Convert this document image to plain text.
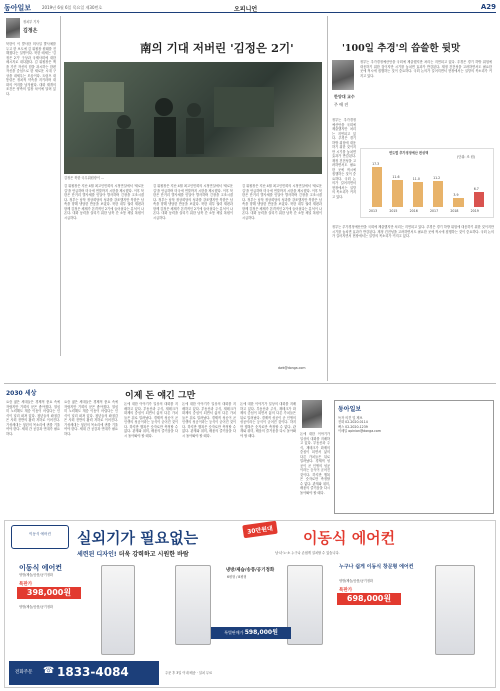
동아일보	2019년 6월 6일 목요일 제30번호	오피니언	A29
정치부 기자
김정은
북한이 이 발사한 미사일 발사체를 두고 한 보도에 김 위원장 원래를 전해졌다는 설명이다. 북한 매체는 '김정은 2기' 구상과 국제사회에 대한 메시지로 내다봤다. 김 위원장은 핵을 가진 자신의 힘을 과시하는 한편 자신을 중심으로 한 새로운 시대 구상을 내세우는 모습이다. 트럼프 대통령은 정치적 약속을 지키라며 대화의 여지를 남겨뒀다. 대화 재개의 조건은 양측의 입장 차이에 달려 있다.
南의 기대 저버린 '김정은 2기'
김정은 북한 국무위원장이 ...
김 위원장은 지난 4월 최고인민회의 시정연설에서 '새로운 길'을 언급하며 미국에 연말까지 시한을 제시했다. 이후 북한은 단거리 발사체를 잇달아 발사하며 긴장을 고조시켰다. 정부는 남북 정상회담의 성과를 강조했지만 북한은 남측을 향해 냉담한 반응을 보였다. 북한 내부 권력 재편과 함께 김정은 체제가 본격적인 2기에 들어섰다는 분석이 나온다. 대화 동력을 살리기 위한 남북 간 소통 채널 복원이 시급하다.
김 위원장은 지난 4월 최고인민회의 시정연설에서 '새로운 길'을 언급하며 미국에 연말까지 시한을 제시했다. 이후 북한은 단거리 발사체를 잇달아 발사하며 긴장을 고조시켰다. 정부는 남북 정상회담의 성과를 강조했지만 북한은 남측을 향해 냉담한 반응을 보였다. 북한 내부 권력 재편과 함께 김정은 체제가 본격적인 2기에 들어섰다는 분석이 나온다. 대화 동력을 살리기 위한 남북 간 소통 채널 복원이 시급하다.
김 위원장은 지난 4월 최고인민회의 시정연설에서 '새로운 길'을 언급하며 미국에 연말까지 시한을 제시했다. 이후 북한은 단거리 발사체를 잇달아 발사하며 긴장을 고조시켰다. 정부는 남북 정상회담의 성과를 강조했지만 북한은 남측을 향해 냉담한 반응을 보였다. 북한 내부 권력 재편과 함께 김정은 체제가 본격적인 2기에 들어섰다는 분석이 나온다. 대화 동력을 살리기 위한 남북 간 소통 채널 복원이 시급하다.
dwk@donga.com
'100일 추경'의 씁쓸한 뒷맛
한양대 교수
주 애 진
정부는 추가경정예산안을 국회에 제출했지만 처리는 지연되고 있다. 추경은 경기 하방 위험에 대응하기 위한 것이지만 시기를 놓치면 효과가 반감된다. 재정 건전성을 고려하면서도 필요한 곳에 적시에 집행하는 것이 중요하다. 국회 논의가 길어지면서 현장에서는 실망의 목소리가 커지고 있다.
정부는 추가경정예산안을 국회에 제출했지만 처리는 지연되고 있다. 추경은 경기 하방 위험에 대응하기 위한 것이지만 시기를 놓치면 효과가 반감된다. 재정 건전성을 고려하면서도 필요한 곳에 적시에 집행하는 것이 중요하다. 국회 논의가 길어지면서 현장에서는 실망의 목소리가 커지고 있다.
연도별 추가경정예산 편성액
(단위: 조 원)
17.3
11.6	11.0	11.2
3.9
6.7
2013	2015	2016	2017	2018	2019
정부는 추가경정예산안을 국회에 제출했지만 처리는 지연되고 있다. 추경은 경기 하방 위험에 대응하기 위한 것이지만 시기를 놓치면 효과가 반감된다. 재정 건전성을 고려하면서도 필요한 곳에 적시에 집행하는 것이 중요하다. 국회 논의가 길어지면서 현장에서는 실망의 목소리가 커지고 있다.
2030 세상
요즘 젊은 세대들은 경제적 풍요 속에 자랐지만 기회의 문은 좁아졌다. 열심히 노력해도 계층 이동이 어렵다는 인식이 널리 퍼져 있다. 청년들의 좌절감은 사회 전반의 활력 저하로 이어진다. 기성세대는 청년의 목소리에 귀를 기울여야 한다. 세대 간 공감과 연대가 필요하다.
요즘 젊은 세대들은 경제적 풍요 속에 자랐지만 기회의 문은 좁아졌다. 열심히 노력해도 계층 이동이 어렵다는 인식이 널리 퍼져 있다. 청년들의 좌절감은 사회 전반의 활력 저하로 이어진다. 기성세대는 청년의 목소리에 귀를 기울여야 한다. 세대 간 공감과 연대가 필요하다.
이제 돈 얘긴 그만
돈에 대한 이야기가 일상의 대화를 지배하고 있다. 부동산과 주식, 재테크가 화제의 중심이 되면서 삶의 다른 가치들은 뒤로 밀려났다. 경제적 성공이 곧 인생의 성공이라는 등식이 굳어진 것이다. 하지만 행복은 숫자로만 측정할 수 없다. 관계와 취미, 배움의 즐거움을 다시 돌아봐야 할 때다.
돈에 대한 이야기가 일상의 대화를 지배하고 있다. 부동산과 주식, 재테크가 화제의 중심이 되면서 삶의 다른 가치들은 뒤로 밀려났다. 경제적 성공이 곧 인생의 성공이라는 등식이 굳어진 것이다. 하지만 행복은 숫자로만 측정할 수 없다. 관계와 취미, 배움의 즐거움을 다시 돌아봐야 할 때다.
돈에 대한 이야기가 일상의 대화를 지배하고 있다. 부동산과 주식, 재테크가 화제의 중심이 되면서 삶의 다른 가치들은 뒤로 밀려났다. 경제적 성공이 곧 인생의 성공이라는 등식이 굳어진 것이다. 하지만 행복은 숫자로만 측정할 수 없다. 관계와 취미, 배움의 즐거움을 다시 돌아봐야 할 때다.	돈에 대한 이야기가 일상의 대화를 지배하고 있다. 부동산과 주식, 재테크가 화제의 중심이 되면서 삶의 다른 가치들은 뒤로 밀려났다. 경제적 성공이 곧 인생의 성공이라는 등식이 굳어진 것이다. 하지만 행복은 숫자로만 측정할 수 없다. 관계와 취미, 배움의 즐거움을 다시 돌아봐야 할 때다.
동아일보
독자 의견 및 제보
전화 02-2020-0114
팩스 02-2020-1239
이메일 opinion@donga.com
이동식 에어컨	실외기가 필요없는	30만원대 이동식 에어컨
세련된 디자인! 더욱 강력하고 시원한 바람	남·녀·노·소 누구나 손쉽게 설치할 수 있습니다.
이동식 에어컨
냉방/제습/송풍/공기정화
특판가
398,000원
냉방/제습/송풍/공기정화
냉방/제습/송풍/공기정화
6평형 / 8평형
특별판매가 598,000원
누구나 쉽게 이동식 창문형 에어컨
냉방/제습/송풍/공기정화
특판가
698,000원
전화주문 ☎ 1833-4084	주문 후 3일 이내 배송 · 설치 무료
